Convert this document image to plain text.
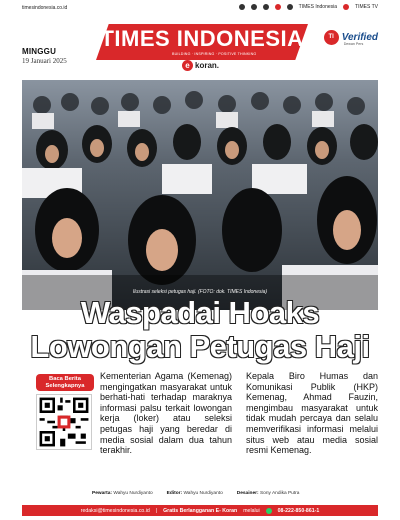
timesindonesia.co.id	TIMES Indonesia	TIMES TV
MINGGU
19 Januari 2025
TIMES INDONESIA
BUILDING · INSPIRING · POSITIVE THINKING
e koran.
TI Verified
Dewan Pers
Ilustrasi seleksi petugas haji. (FOTO: dok. TIMES Indonesia)
Waspadai Hoaks
Lowongan Petugas Haji
Baca Berita Selengkapnya
Kementerian Agama (Kemenag) mengingatkan masyarakat untuk berhati-hati terhadap maraknya informasi palsu terkait lowongan kerja (loker) atau seleksi petugas haji yang beredar di media sosial dalam dua tahun terakhir.
Kepala Biro Humas dan Komunikasi Publik (HKP) Kemenag, Ahmad Fauzin, mengimbau masyarakat untuk tidak mudah percaya dan selalu memverifikasi informasi melalui situs web atau media sosial resmi Kemenag.
Pewarta: Wahyu Nurdiyanto	Editor: Wahyu Nurdiyanto	Desainer: Sony Andika Putra
redaksi@timesindonesia.co.id | Gratis Berlangganan E- Koran melalui	08-222-850-861-1
